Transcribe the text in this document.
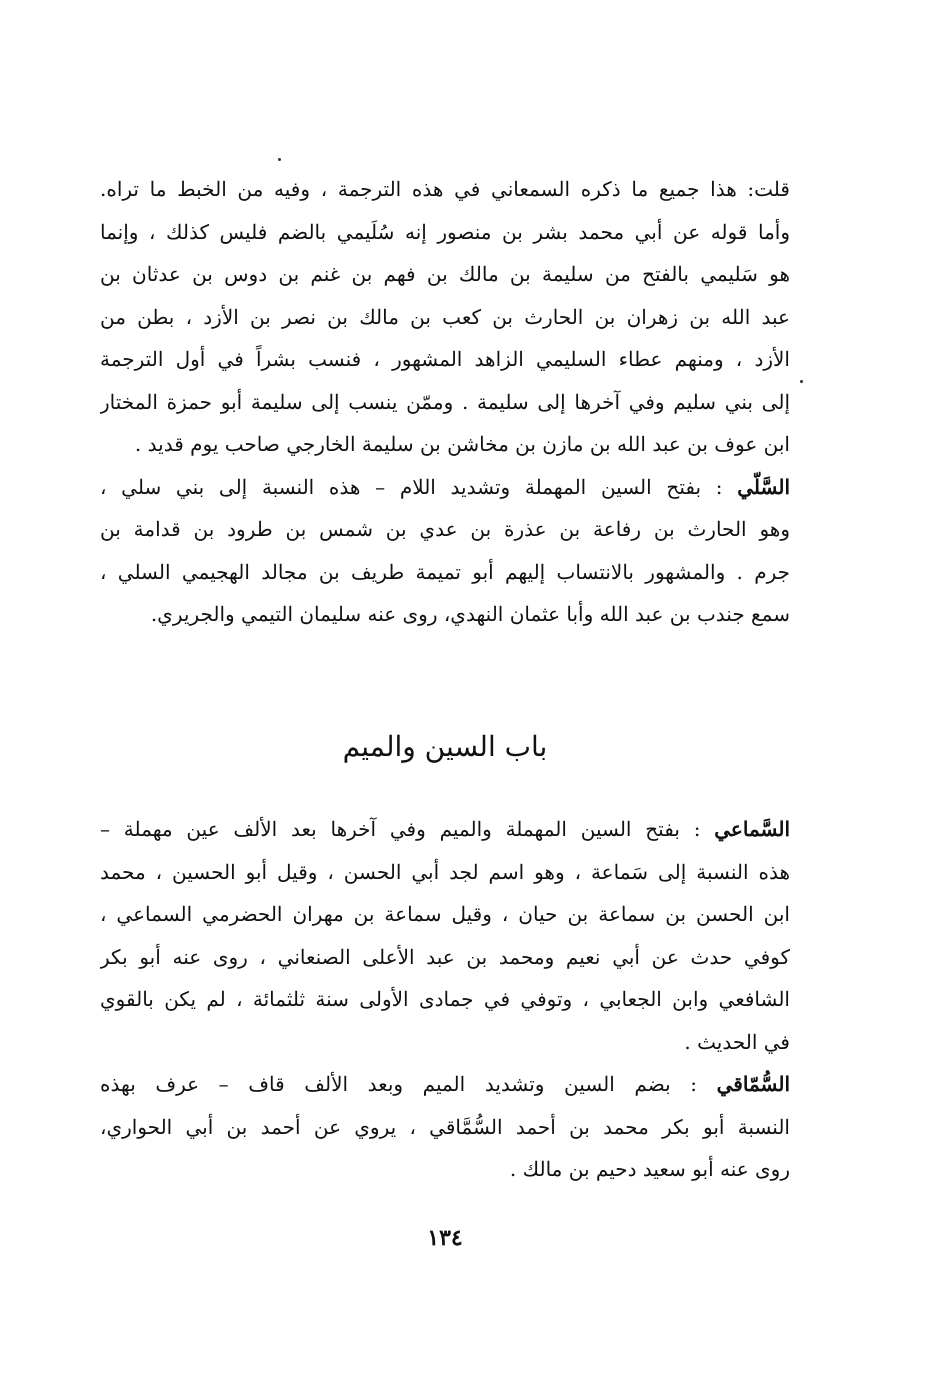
قلت: هذا جميع ما ذكره السمعاني في هذه الترجمة ، وفيه من الخبط ما تراه.
وأما قوله عن أبي محمد بشر بن منصور إنه سُلَيمي بالضم فليس كذلك ، وإنما
هو سَليمي بالفتح من سليمة بن مالك بن فهم بن غنم بن دوس بن عدثان بن
عبد الله بن زهران بن الحارث بن كعب بن مالك بن نصر بن الأزد ، بطن من
الأزد ، ومنهم عطاء السليمي الزاهد المشهور ، فنسب بشراً في أول الترجمة
إلى بني سليم وفي آخرها إلى سليمة . وممّن ينسب إلى سليمة أبو حمزة المختار
ابن عوف بن عبد الله بن مازن بن مخاشن بن سليمة الخارجي صاحب يوم قديد .
السَّلّي : بفتح السين المهملة وتشديد اللام – هذه النسبة إلى بني سلي ،
وهو الحارث بن رفاعة بن عذرة بن عدي بن شمس بن طرود بن قدامة بن
جرم . والمشهور بالانتساب إليهم أبو تميمة طريف بن مجالد الهجيمي السلي ،
سمع جندب بن عبد الله وأبا عثمان النهدي، روى عنه سليمان التيمي والجريري.
باب السين والميم
السَّماعي : بفتح السين المهملة والميم وفي آخرها بعد الألف عين مهملة –
هذه النسبة إلى سَماعة ، وهو اسم لجد أبي الحسن ، وقيل أبو الحسين ، محمد
ابن الحسن بن سماعة بن حيان ، وقيل سماعة بن مهران الحضرمي السماعي ،
كوفي حدث عن أبي نعيم ومحمد بن عبد الأعلى الصنعاني ، روى عنه أبو بكر
الشافعي وابن الجعابي ، وتوفي في جمادى الأولى سنة ثلثمائة ، لم يكن بالقوي
في الحديث .
السُّمّاقي : بضم السين وتشديد الميم وبعد الألف قاف – عرف بهذه
النسبة أبو بكر محمد بن أحمد السُّمَّاقي ، يروي عن أحمد بن أبي الحواري،
روى عنه أبو سعيد دحيم بن مالك .
١٣٤
